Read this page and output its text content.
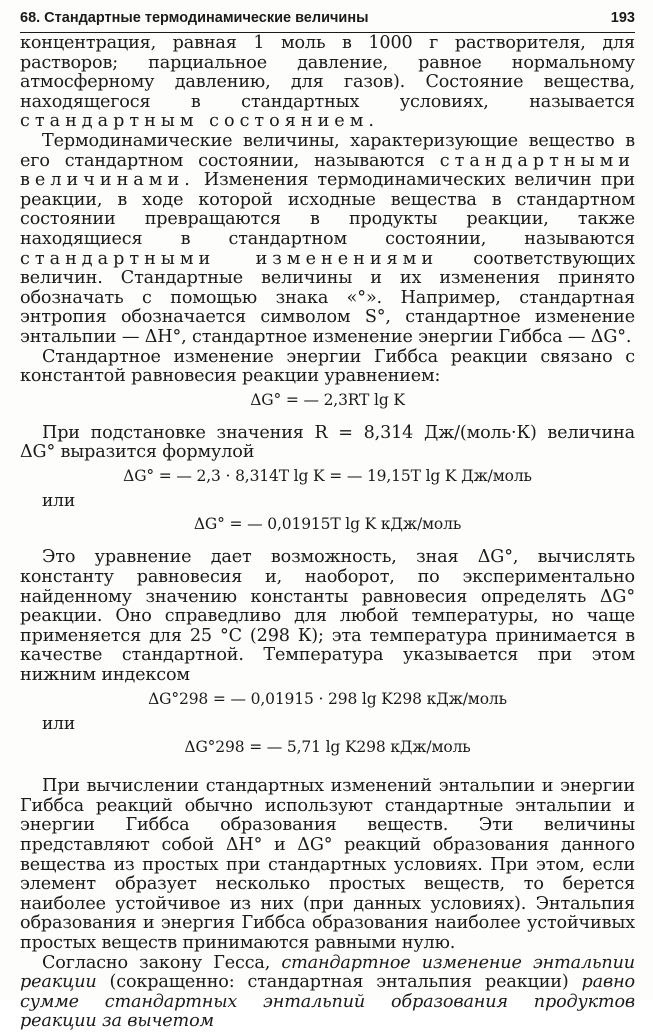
68. Стандартные термодинамические величины	193

концентрация, равная 1 моль в 1000 г растворителя, для растворов; парциальное давление, равное нормальному атмосферному давлению, для газов). Состояние вещества, находящегося в стандартных условиях, называется стандартным состоянием.

Термодинамические величины, характеризующие вещество в его стандартном состоянии, называются стандартными величинами. Изменения термодинамических величин при реакции, в ходе которой исходные вещества в стандартном состоянии превращаются в продукты реакции, также находящиеся в стандартном состоянии, называются стандартными изменениями соответствующих величин. Стандартные величины и их изменения принято обозначать с помощью знака «°». Например, стандартная энтропия обозначается символом S°, стандартное изменение энтальпии — ΔH°, стандартное изменение энергии Гиббса — ΔG°.

Стандартное изменение энергии Гиббса реакции связано с константой равновесия реакции уравнением:

ΔG° = — 2,3RT lg K

При подстановке значения R = 8,314 Дж/(моль·К) величина ΔG° выразится формулой

ΔG° = — 2,3 · 8,314T lg K = — 19,15T lg K Дж/моль

или

ΔG° = — 0,01915T lg K кДж/моль

Это уравнение дает возможность, зная ΔG°, вычислять константу равновесия и, наоборот, по экспериментально найденному значению константы равновесия определять ΔG° реакции. Оно справедливо для любой температуры, но чаще применяется для 25 °С (298 К); эта температура принимается в качестве стандартной. Температура указывается при этом нижним индексом

ΔG°298 = — 0,01915 · 298 lg K298 кДж/моль

или

ΔG°298 = — 5,71 lg K298 кДж/моль

При вычислении стандартных изменений энтальпии и энергии Гиббса реакций обычно используют стандартные энтальпии и энергии Гиббса образования веществ. Эти величины представляют собой ΔH° и ΔG° реакций образования данного вещества из простых при стандартных условиях. При этом, если элемент образует несколько простых веществ, то берется наиболее устойчивое из них (при данных условиях). Энтальпия образования и энергия Гиббса образования наиболее устойчивых простых веществ принимаются равными нулю.

Согласно закону Гесса, стандартное изменение энтальпии реакции (сокращенно: стандартная энтальпия реакции) равно сумме стандартных энтальпий образования продуктов реакции за вычетом
